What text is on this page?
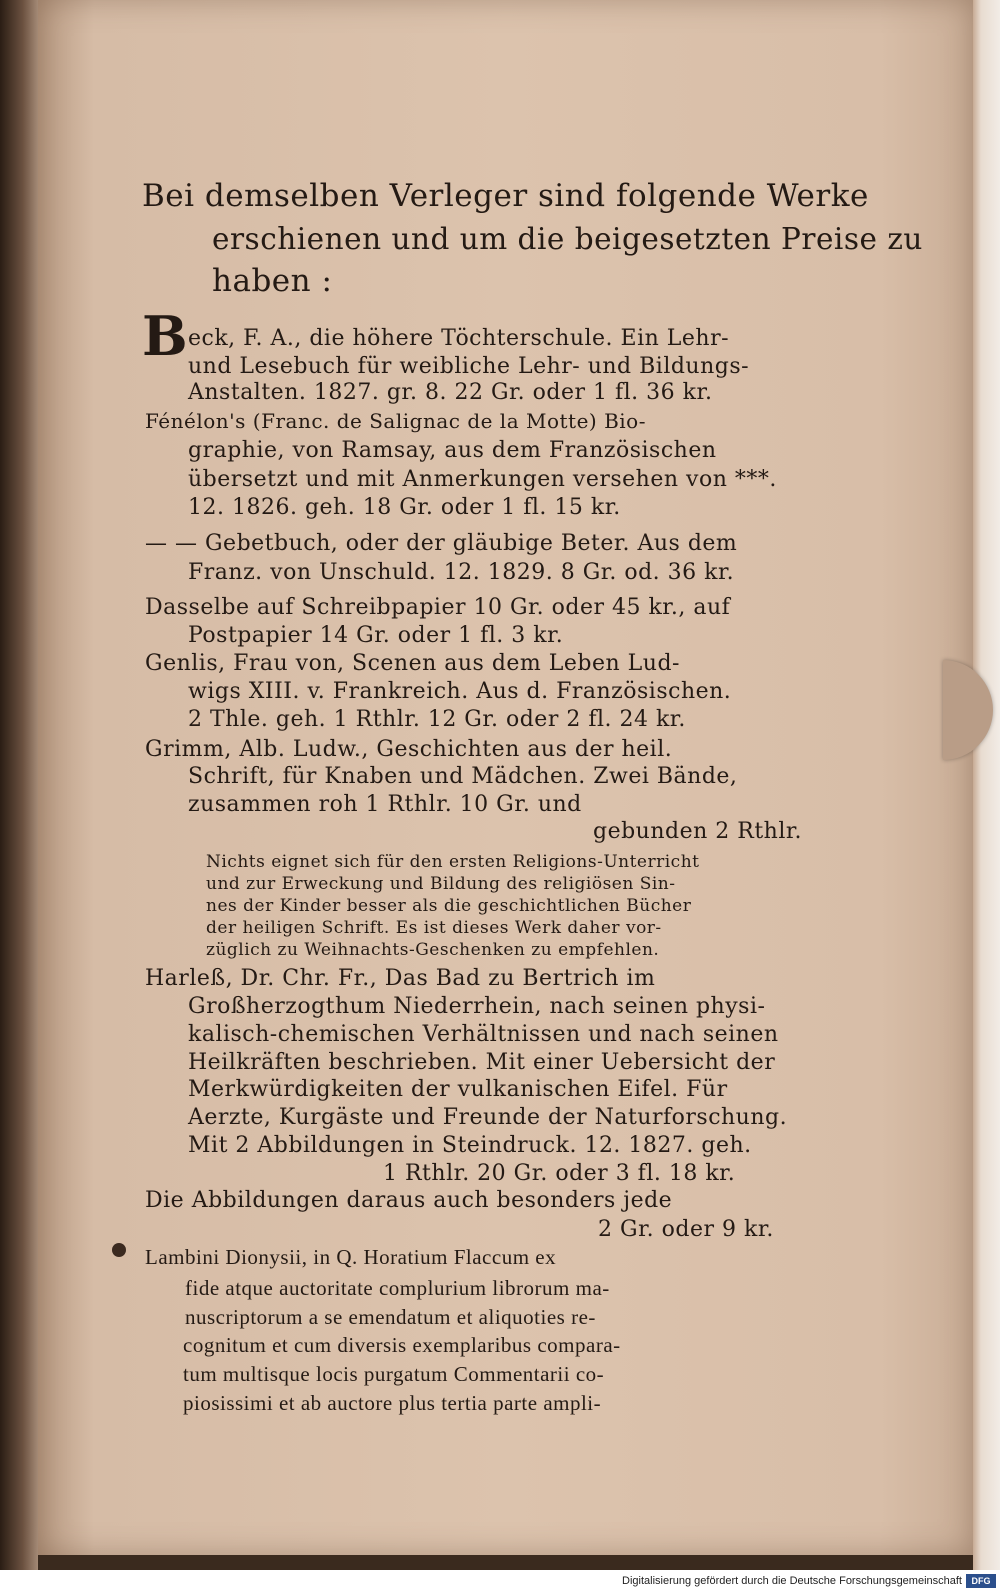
Bei demselben Verleger sind folgende Werke
erschienen und um die beigesetzten Preise zu
haben :
B eck, F. A., die höhere Töchterschule. Ein Lehr-
und Lesebuch für weibliche Lehr- und Bildungs-
Anstalten. 1827. gr. 8. 22 Gr. oder 1 fl. 36 kr.
Fénélon's (Franc. de Salignac de la Motte) Bio-
graphie, von Ramsay, aus dem Französischen
übersetzt und mit Anmerkungen versehen von ***.
12. 1826. geh. 18 Gr. oder 1 fl. 15 kr.
— — Gebetbuch, oder der gläubige Beter. Aus dem
Franz. von Unschuld. 12. 1829. 8 Gr. od. 36 kr.
Dasselbe auf Schreibpapier 10 Gr. oder 45 kr., auf
Postpapier 14 Gr. oder 1 fl. 3 kr.
Genlis, Frau von, Scenen aus dem Leben Lud-
wigs XIII. v. Frankreich. Aus d. Französischen.
2 Thle. geh. 1 Rthlr. 12 Gr. oder 2 fl. 24 kr.
Grimm, Alb. Ludw., Geschichten aus der heil.
Schrift, für Knaben und Mädchen. Zwei Bände,
zusammen roh 1 Rthlr. 10 Gr. und
gebunden 2 Rthlr.
Nichts eignet sich für den ersten Religions-Unterricht
und zur Erweckung und Bildung des religiösen Sin-
nes der Kinder besser als die geschichtlichen Bücher
der heiligen Schrift. Es ist dieses Werk daher vor-
züglich zu Weihnachts-Geschenken zu empfehlen.
Harleß, Dr. Chr. Fr., Das Bad zu Bertrich im
Großherzogthum Niederrhein, nach seinen physi-
kalisch-chemischen Verhältnissen und nach seinen
Heilkräften beschrieben. Mit einer Uebersicht der
Merkwürdigkeiten der vulkanischen Eifel. Für
Aerzte, Kurgäste und Freunde der Naturforschung.
Mit 2 Abbildungen in Steindruck. 12. 1827. geh.
1 Rthlr. 20 Gr. oder 3 fl. 18 kr.
Die Abbildungen daraus auch besonders jede
2 Gr. oder 9 kr.
Lambini Dionysii, in Q. Horatium Flaccum ex
fide atque auctoritate complurium librorum ma-
nuscriptorum a se emendatum et aliquoties re-
cognitum et cum diversis exemplaribus compara-
tum multisque locis purgatum Commentarii co-
piosissimi et ab auctore plus tertia parte ampli-
Digitalisierung gefördert durch die Deutsche Forschungsgemeinschaft	DFG
